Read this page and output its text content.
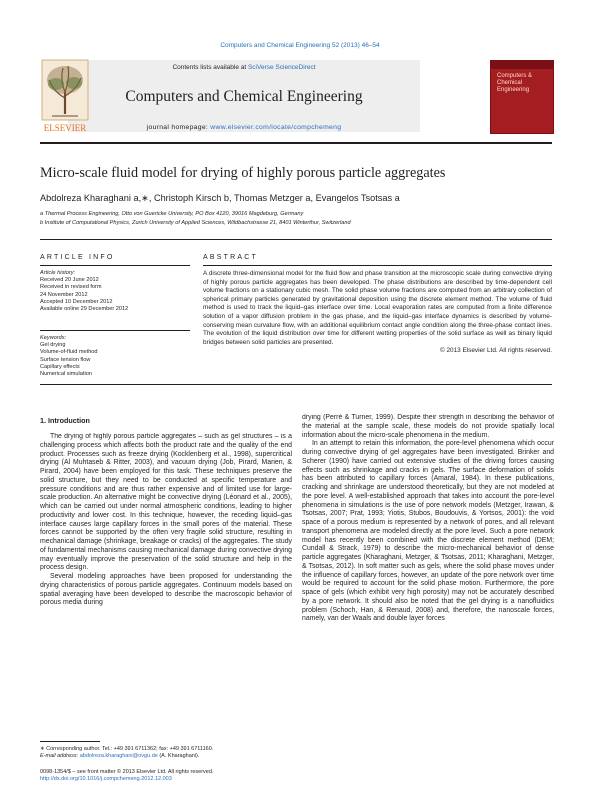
Computers and Chemical Engineering 52 (2013) 46–54
Contents lists available at SciVerse ScienceDirect
Computers and Chemical Engineering
journal homepage: www.elsevier.com/locate/compchemeng
ELSEVIER
Computers & Chemical Engineering
Micro-scale fluid model for drying of highly porous particle aggregates
Abdolreza Kharaghani a,∗, Christoph Kirsch b, Thomas Metzger a, Evangelos Tsotsas a
a Thermal Process Engineering, Otto von Guericke University, PO Box 4120, 39016 Magdeburg, Germany
b Institute of Computational Physics, Zurich University of Applied Sciences, Wildbachstrasse 21, 8401 Winterthur, Switzerland
ARTICLE INFO	ABSTRACT
Article history:
Received 20 June 2012
Received in revised form
24 November 2012
Accepted 10 December 2012
Available online 29 December 2012
Keywords:
Gel drying
Volume-of-fluid method
Surface tension flow
Capillary effects
Numerical simulation
A discrete three-dimensional model for the fluid flow and phase transition at the microscopic scale during convective drying of highly porous particle aggregates has been developed. The phase distributions are described by time-dependent cell volume fractions on a stationary cubic mesh. The solid phase volume fractions are computed from an arbitrary collection of spherical primary particles generated by gravitational deposition using the discrete element method. The volume of fluid method is used to track the liquid–gas interface over time. Local evaporation rates are computed from a finite difference solution of a vapor diffusion problem in the gas phase, and the liquid–gas interface dynamics is described by volume-conserving mean curvature flow, with an additional equilibrium contact angle condition along the three-phase contact lines. The evolution of the liquid distribution over time for different wetting properties of the solid surface as well as binary liquid bridges between solid particles are presented.
© 2013 Elsevier Ltd. All rights reserved.
1. Introduction

The drying of highly porous particle aggregates – such as gel structures – is a challenging process which affects both the product rate and the quality of the end product. Processes such as freeze drying (Kocklenberg et al., 1998), supercritical drying (Al Muhtaseb & Ritter, 2003), and vacuum drying (Job, Pirard, Marien, & Pirard, 2004) have been employed for this task. These techniques preserve the solid structure, but they need to be conducted at specific temperature and pressure conditions and are thus rather expensive and of limited use for large-scale production. An alternative might be convective drying (Léonard et al., 2005), which can be carried out under normal atmospheric conditions, leading to higher productivity and lower cost. In this technique, however, the receding liquid–gas interface causes large capillary forces in the small pores of the material. These forces cannot be supported by the often very fragile solid structure, resulting in mechanical damage (shrinkage, breakage or cracks) of the aggregates. The study of fundamental mechanisms causing mechanical damage during convective drying may eventually improve the preservation of the solid structure and help in the process design.

Several modeling approaches have been proposed for understanding the drying characteristics of porous particle aggregates. Continuum models based on spatial averaging have been developed to describe the macroscopic behavior of porous media during

drying (Perré & Turner, 1999). Despite their strength in describing the behavior of the material at the sample scale, these models do not provide spatially local information about the micro-scale phenomena in the medium.

In an attempt to retain this information, the pore-level phenomena which occur during convective drying of gel aggregates have been investigated. Brinker and Scherer (1990) have carried out extensive studies of the driving forces causing effects such as shrinkage and cracks in gels. The surface deformation of solids has been attributed to capillary forces (Amaral, 1984). In these publications, cracking and shrinkage are understood theoretically, but they are not modeled at the pore level. A well-established approach that takes into account the pore-level phenomena in simulations is the use of pore network models (Metzger, Irawan, & Tsotsas, 2007; Prat, 1993; Yiotis, Stubos, Boudouvis, & Yortsos, 2001): the void space of a porous medium is represented by a network of pores, and all relevant transport phenomena are modeled directly at the pore level. Such a pore network model has recently been combined with the discrete element method (DEM; Cundall & Strack, 1979) to describe the micro-mechanical behavior of dense particle aggregates (Kharaghani, Metzger, & Tsotsas, 2011; Kharaghani, Metzger, & Tsotsas, 2012). In soft matter such as gels, where the solid phase moves under the influence of capillary forces, however, an update of the pore network over time would be required to account for the solid phase motion. Furthermore, the pore space of gels (which exhibit very high porosity) may not be accurately described by a pore network. It should also be noted that the gel drying is a nanofluidics problem (Schoch, Han, & Renaud, 2008) and, therefore, the nanoscale forces, namely, van der Waals and double layer forces

∗ Corresponding author. Tel.: +49 391 6711362; fax: +49 391 6711160.
E-mail address: abdolreza.kharaghani@ovgu.de (A. Kharaghani).
0098-1354/$ – see front matter © 2013 Elsevier Ltd. All rights reserved.
http://dx.doi.org/10.1016/j.compchemeng.2012.12.003
